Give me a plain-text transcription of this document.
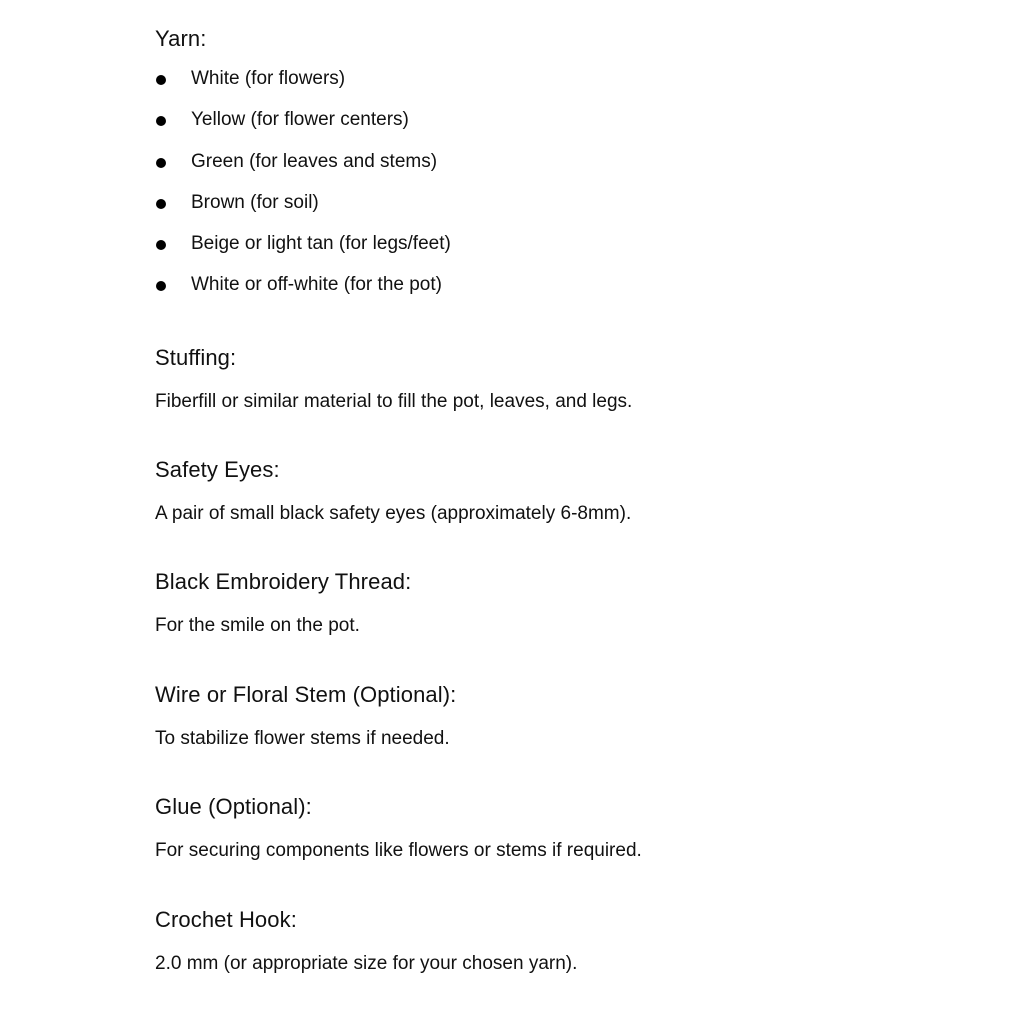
Yarn:
White (for flowers)
Yellow (for flower centers)
Green (for leaves and stems)
Brown (for soil)
Beige or light tan (for legs/feet)
White or off-white (for the pot)
Stuffing:

Fiberfill or similar material to fill the pot, leaves, and legs.

Safety Eyes:

A pair of small black safety eyes (approximately 6-8mm).

Black Embroidery Thread:

For the smile on the pot.

Wire or Floral Stem (Optional):

To stabilize flower stems if needed.

Glue (Optional):

For securing components like flowers or stems if required.

Crochet Hook:

2.0 mm (or appropriate size for your chosen yarn).
